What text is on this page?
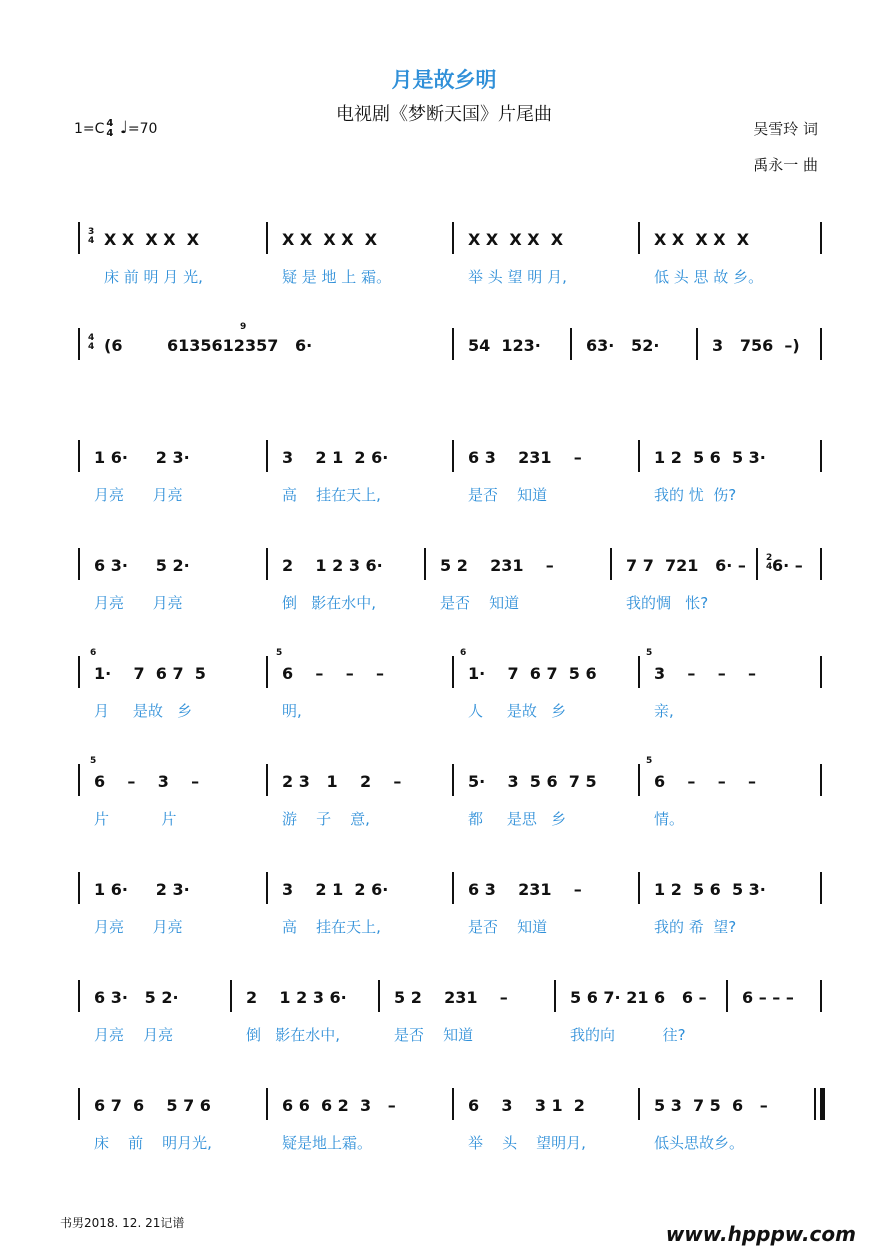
月是故乡明
电视剧《梦断天国》片尾曲
1=C 4
4 ♩=70	吴雪玲 词
禹永一 曲
3
4 X X  X X  X
床 前 明 月 光,
X X  X X  X
疑 是 地 上 霜。
X X  X X  X
举 头 望 明 月,
X X  X X  X
低 头 思 故 乡。
4
4 (6        6135612357   6·	54  123·	63·   52·	3   756  –)
9
1 6·     2 3·
月亮      月亮
3    2 1  2 6·
高    挂在天上,
6 3    231    –
是否    知道
1 2  5 6  5 3·
我的 忧  伤?
6 3·     5 2·
月亮      月亮
2    1 2 3 6·
倒   影在水中,
5 2    231    –
是否    知道
7 7  721   6· –
我的惆   怅?
6· –
2
4
1·    7  6 7  5
月     是故   乡
6    –    –    –
明,
1·    7  6 7  5 6
人     是故   乡
3    –    –    –
亲,
6	5	6	5
6    –    3    –
片           片
2 3   1    2    –
游    子    意,
5·    3  5 6  7 5
都     是思   乡
6    –    –    –
情。
5	5
1 6·     2 3·
月亮      月亮
3    2 1  2 6·
高    挂在天上,
6 3    231    –
是否    知道
1 2  5 6  5 3·
我的 希  望?
6 3·   5 2·
月亮    月亮
2    1 2 3 6·
倒   影在水中,
5 2    231    –
是否    知道
5 6 7· 21 6   6 –
我的向          往?
6 – – –
6 7  6    5 7 6
床    前    明月光,
6 6  6 2  3   –
疑是地上霜。
6    3    3 1  2
举    头    望明月,
5 3  7 5  6   –
低头思故乡。
书男2018. 12. 21记谱	www.hpppw.com
